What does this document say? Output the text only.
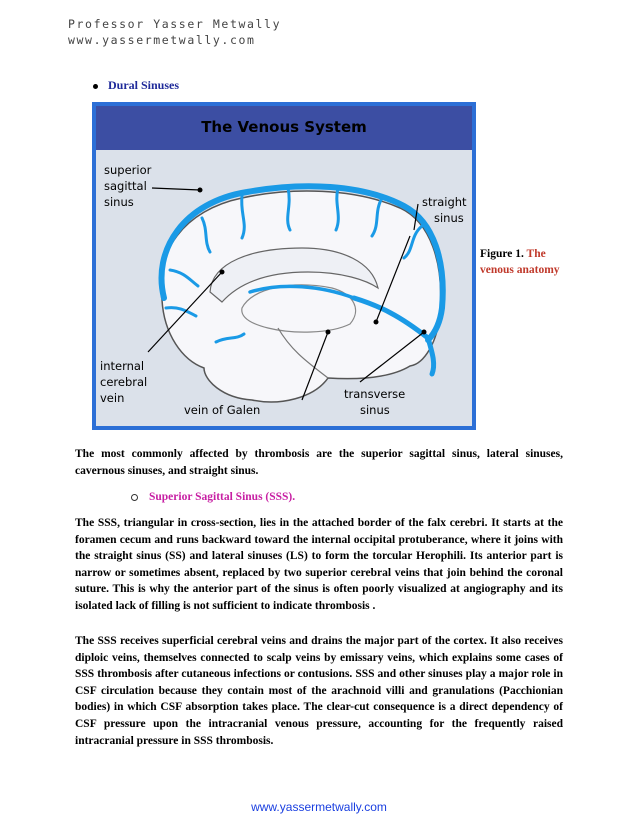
Professor Yasser Metwally
www.yassermetwally.com
Dural Sinuses
The Venous System
superior
sagittal
sinus	straight
sinus
internal
cerebral
vein
vein of Galen
transverse
sinus
Figure 1. The venous anatomy

The most commonly affected by thrombosis are the superior sagittal sinus, lateral sinuses, cavernous sinuses, and straight sinus.

Superior Sagittal Sinus (SSS).

The SSS, triangular in cross-section, lies in the attached border of the falx cerebri. It starts at the foramen cecum and runs backward toward the internal occipital protuberance, where it joins with the straight sinus (SS) and lateral sinuses (LS) to form the torcular Herophili. Its anterior part is narrow or sometimes absent, replaced by two superior cerebral veins that join behind the coronal suture. This is why the anterior part of the sinus is often poorly visualized at angiography and its isolated lack of filling is not sufficient to indicate thrombosis .

The SSS receives superficial cerebral veins and drains the major part of the cortex. It also receives diploic veins, themselves connected to scalp veins by emissary veins, which explains some cases of SSS thrombosis after cutaneous infections or contusions. SSS and other sinuses play a major role in CSF circulation because they contain most of the arachnoid villi and granulations (Pacchionian bodies) in which CSF absorption takes place. The clear-cut consequence is a direct dependency of CSF pressure upon the intracranial venous pressure, accounting for the frequently raised intracranial pressure in SSS thrombosis.

www.yassermetwally.com
